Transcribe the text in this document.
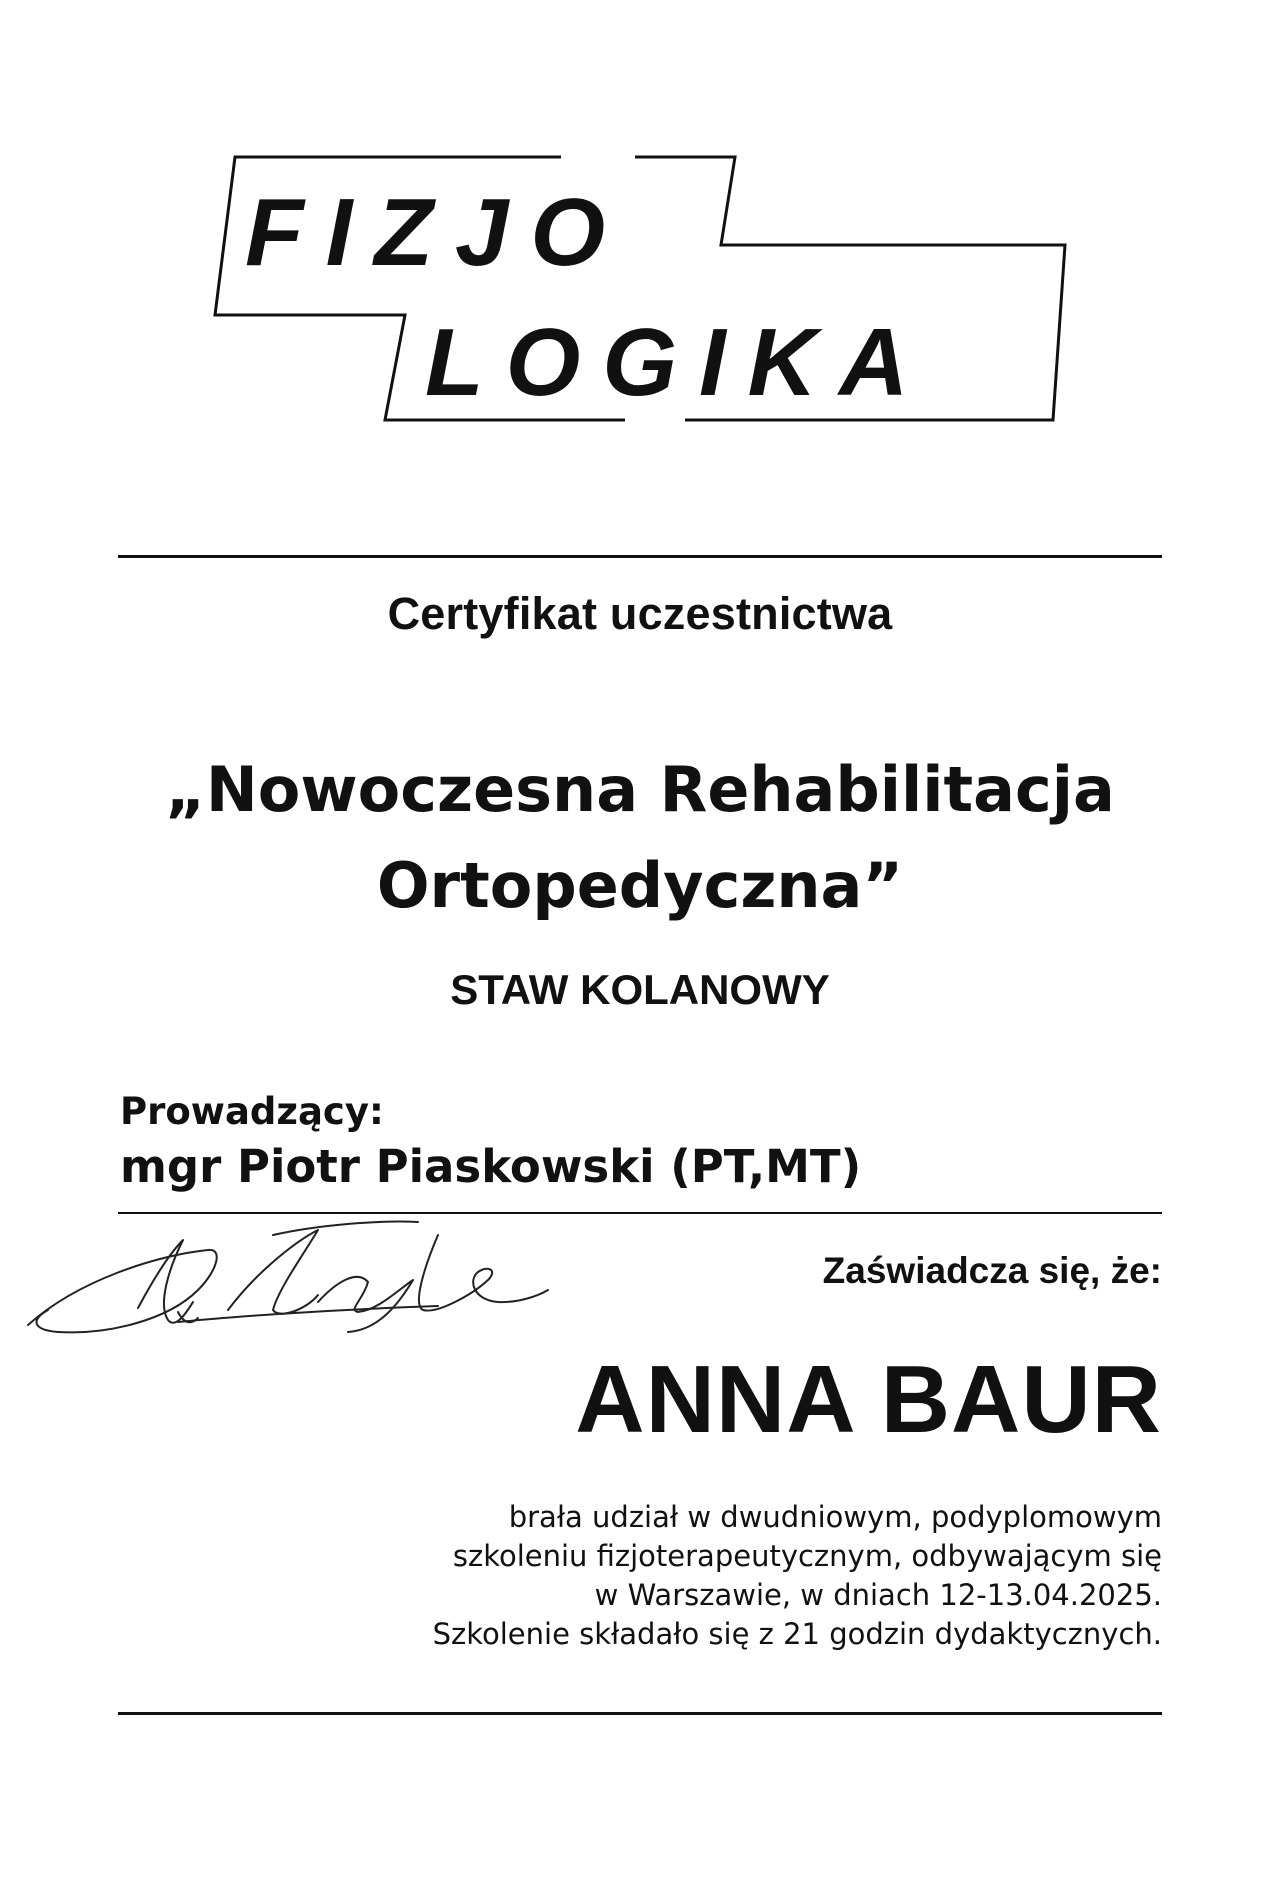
FIZJO
LOGIKA
Certyfikat uczestnictwa
„Nowoczesna Rehabilitacja
Ortopedyczna”
STAW KOLANOWY
Prowadzący:
mgr Piotr Piaskowski (PT,MT)
Zaświadcza się, że:
ANNA BAUR
brała udział w dwudniowym, podyplomowym
szkoleniu fizjoterapeutycznym, odbywającym się
w Warszawie, w dniach 12-13.04.2025.
Szkolenie składało się z 21 godzin dydaktycznych.
